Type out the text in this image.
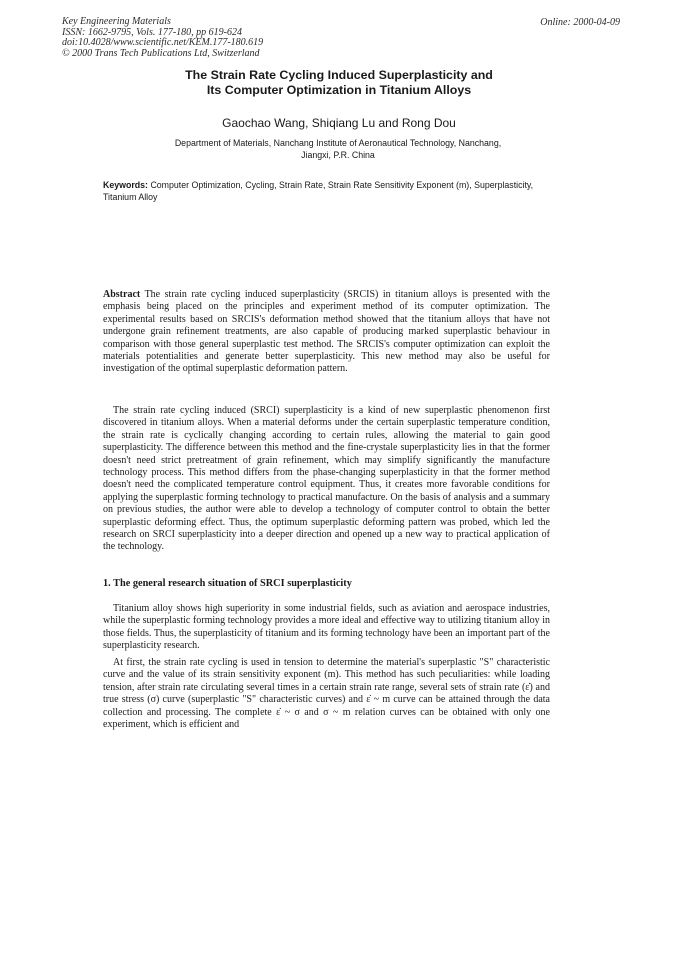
Key Engineering Materials
ISSN: 1662-9795, Vols. 177-180, pp 619-624
doi:10.4028/www.scientific.net/KEM.177-180.619
© 2000 Trans Tech Publications Ltd, Switzerland
Online: 2000-04-09
The Strain Rate Cycling Induced Superplasticity and
Its Computer Optimization in Titanium Alloys
Gaochao Wang, Shiqiang Lu and Rong Dou
Department of Materials, Nanchang Institute of Aeronautical Technology, Nanchang,
Jiangxi, P.R. China
Keywords: Computer Optimization, Cycling, Strain Rate, Strain Rate Sensitivity Exponent (m), Superplasticity, Titanium Alloy
Abstract The strain rate cycling induced superplasticity (SRCIS) in titanium alloys is presented with the emphasis being placed on the principles and experiment method of its computer optimization. The experimental results based on SRCIS's deformation method showed that the titanium alloys that have not undergone grain refinement treatments, are also capable of producing marked superplastic behaviour in comparison with those general superplastic test method. The SRCIS's computer optimization can exploit the materials potentialities and generate better superplasticity. This new method may also be useful for investigation of the optimal superplastic deformation pattern.
The strain rate cycling induced (SRCI) superplasticity is a kind of new superplastic phenomenon first discovered in titanium alloys. When a material deforms under the certain superplastic temperature condition, the strain rate is cyclically changing according to certain rules, allowing the material to gain good superplasticity. The difference between this method and the fine-crystale superplasticity lies in that the former doesn't need strict pretreatment of grain refinement, which may simplify significantly the manufacture technology process. This method differs from the phase-changing superplasticity in that the former method doesn't need the complicated temperature control equipment. Thus, it creates more favorable conditions for applying the superplastic forming technology to practical manufacture. On the basis of analysis and a summary on previous studies, the author were able to develop a technology of computer control to obtain the better superplastic deforming effect. Thus, the optimum superplastic deforming pattern was probed, which led the research on SRCI superplasticity into a deeper direction and opened up a new way to practical application of the technology.
1. The general research situation of SRCI superplasticity
Titanium alloy shows high superiority in some industrial fields, such as aviation and aerospace industries, while the superplastic forming technology provides a more ideal and effective way to utilizing titanium alloy in those fields. Thus, the superplasticity of titanium and its forming technology have been an important part of the superplasticity research.
At first, the strain rate cycling is used in tension to determine the material's superplastic "S" characteristic curve and the value of its strain sensitivity exponent (m). This method has such peculiarities: while loading tension, after strain rate circulating several times in a certain strain rate range, several sets of strain rate (ε̇) and true stress (σ) curve (superplastic "S" characteristic curves) and ε̇ ~ m curve can be attained through the data collection and processing. The complete ε̇ ~ σ and σ ~ m relation curves can be obtained with only one experiment, which is efficient and
